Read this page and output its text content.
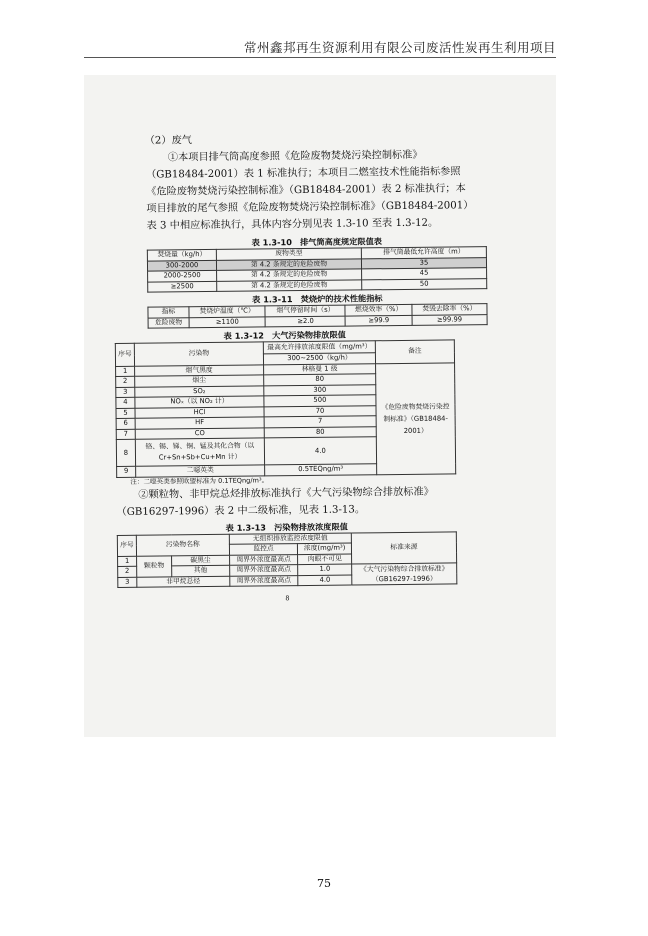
常州鑫邦再生资源利用有限公司废活性炭再生利用项目

（2）废气

①本项目排气筒高度参照《危险废物焚烧污染控制标准》

（GB18484-2001）表 1 标准执行；本项目二燃室技术性能指标参照

《危险废物焚烧污染控制标准》（GB18484-2001）表 2 标准执行；本

项目排放的尾气参照《危险废物焚烧污染控制标准》（GB18484-2001）

表 3 中相应标准执行，具体内容分别见表 1.3-10 至表 1.3-12。

表 1.3-10　排气筒高度规定限值表

焚烧量（kg/h）	废物类型	排气筒最低允许高度（m）
300-2000	第 4.2 条规定的危险废物	35
2000-2500	第 4.2 条规定的危险废物	45
≥2500	第 4.2 条规定的危险废物	50

表 1.3-11　焚烧炉的技术性能指标

指标	焚烧炉温度（℃）	烟气停留时间（s）	燃烧效率（%）	焚毁去除率（%）
危险废物	≥1100	≥2.0	≥99.9	≥99.99

表 1.3-12　大气污染物排放限值

序号	污染物	最高允许排放浓度限值（mg/m³）	备注
		300~2500（kg/h）	
1	烟气黑度	林格曼 1 级	《危险废物焚烧污染控制标准》（GB18484-2001）
2	烟尘	80	
3	SO₂	300	
4	NOₓ（以 NO₂ 计）	500	
5	HCl	70	
6	HF	7	
7	CO	80	
8	铬、锡、锑、铜、锰及其化合物（以 Cr+Sn+Sb+Cu+Mn 计）	4.0	
9	二噁英类	0.5TEQng/m³	

注：二噁英类参照欧盟标准为 0.1TEQng/m³。

②颗粒物、非甲烷总烃排放标准执行《大气污染物综合排放标准》

（GB16297-1996）表 2 中二级标准，见表 1.3-13。

表 1.3-13　污染物排放浓度限值

序号	污染物名称		无组织排放监控浓度限值		标准来源
			监控点	浓度(mg/m³)	
1	颗粒物	碳黑尘	周界外浓度最高点	肉眼不可见	
2		其他	周界外浓度最高点	1.0	《大气污染物综合排放标准》（GB16297-1996）
3	非甲烷总烃		周界外浓度最高点	4.0	
8
75
